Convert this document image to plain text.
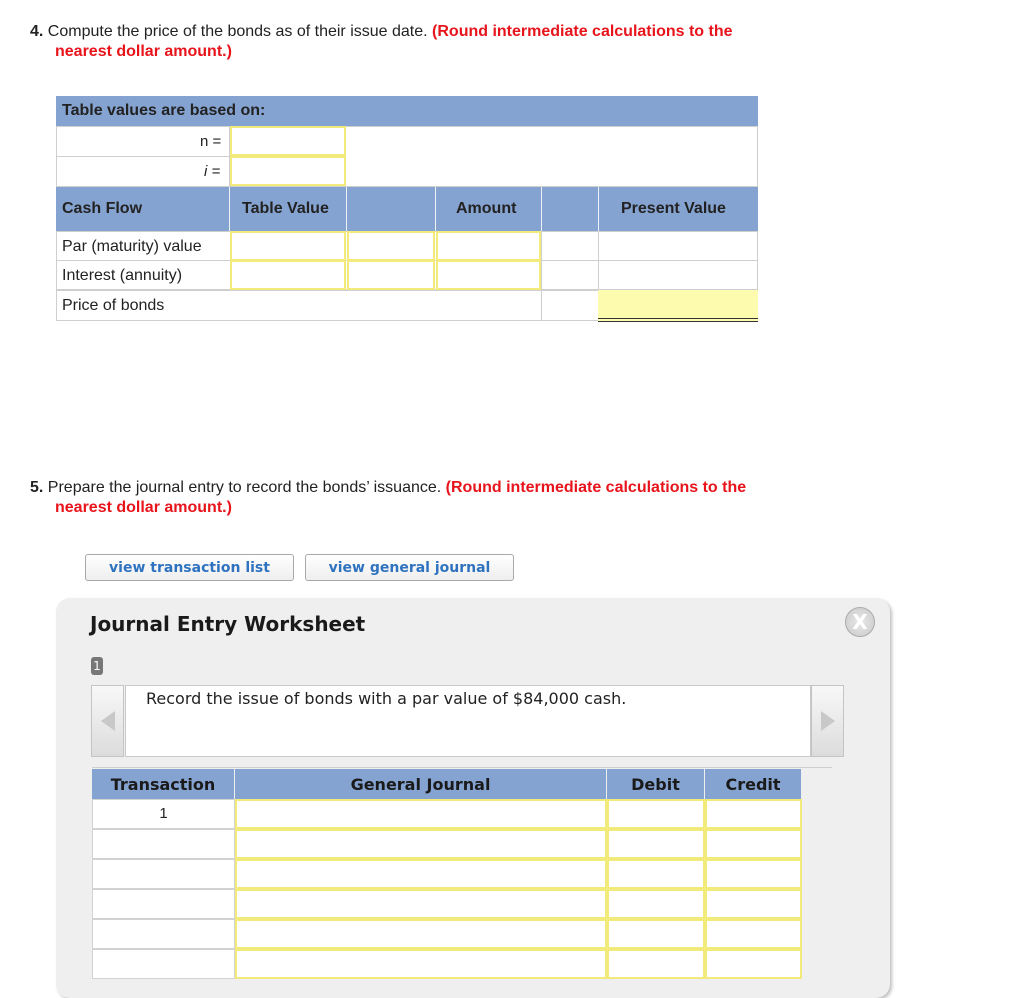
4. Compute the price of the bonds as of their issue date. (Round intermediate calculations to the
nearest dollar amount.)
Table values are based on:
n =
i =
Cash Flow	Table Value	Amount	Present Value
Par (maturity) value
Interest (annuity)
Price of bonds
5. Prepare the journal entry to record the bonds’ issuance. (Round intermediate calculations to the
nearest dollar amount.)
view transaction list	view general journal
Journal Entry Worksheet	X
1
Record the issue of bonds with a par value of $84,000 cash.
Transaction	General Journal	Debit	Credit
1
